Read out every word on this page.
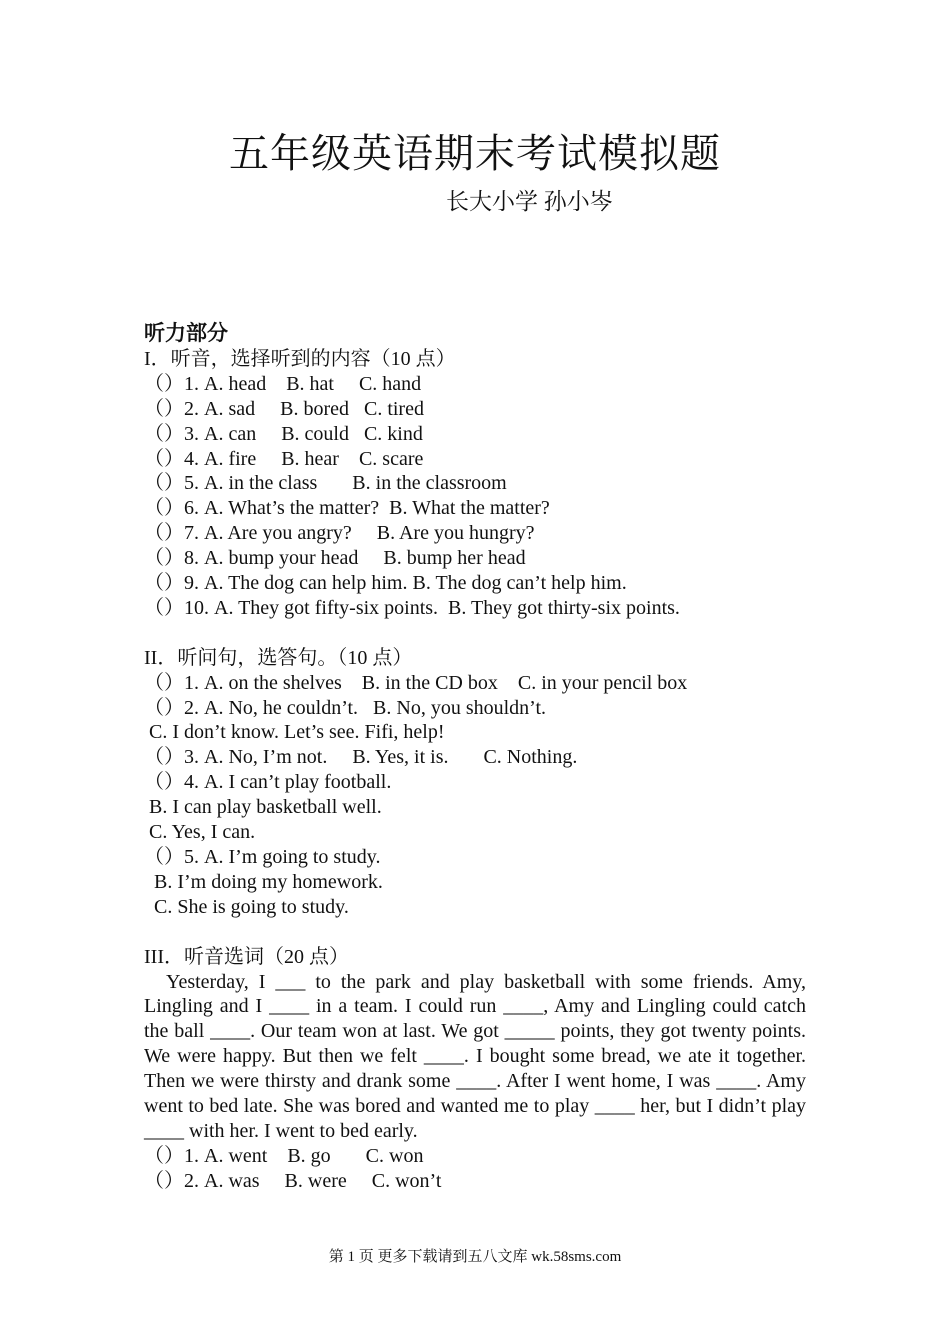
五年级英语期末考试模拟题
长大小学 孙小岑
听力部分
I．听音，选择听到的内容（10 点）
（）1. A. head    B. hat     C. hand
（）2. A. sad     B. bored   C. tired
（）3. A. can     B. could   C. kind
（）4. A. fire     B. hear    C. scare
（）5. A. in the class       B. in the classroom
（）6. A. What’s the matter?  B. What the matter?
（）7. A. Are you angry?     B. Are you hungry?
（）8. A. bump your head     B. bump her head
（）9. A. The dog can help him. B. The dog can’t help him.
（）10. A. They got fifty-six points.  B. They got thirty-six points.
II．听问句，选答句。（10 点）
（）1. A. on the shelves    B. in the CD box    C. in your pencil box
（）2. A. No, he couldn’t.   B. No, you shouldn’t.
C. I don’t know. Let’s see. Fifi, help!
（）3. A. No, I’m not.     B. Yes, it is.       C. Nothing.
（）4. A. I can’t play football.
B. I can play basketball well.
C. Yes, I can.
（）5. A. I’m going to study.
B. I’m doing my homework.
C. She is going to study.
III．听音选词（20 点）
Yesterday, I ___ to the park and play basketball with some friends. Amy, Lingling and I ____ in a team. I could run ____, Amy and Lingling could catch the ball ____. Our team won at last. We got _____ points, they got twenty points. We were happy. But then we felt ____. I bought some bread, we ate it together. Then we were thirsty and drank some ____. After I went home, I was ____. Amy went to bed late. She was bored and wanted me to play ____ her, but I didn’t play ____ with her. I went to bed early.
（）1. A. went    B. go       C. won
（）2. A. was     B. were     C. won’t
第 1 页 更多下载请到五八文库 wk.58sms.com
